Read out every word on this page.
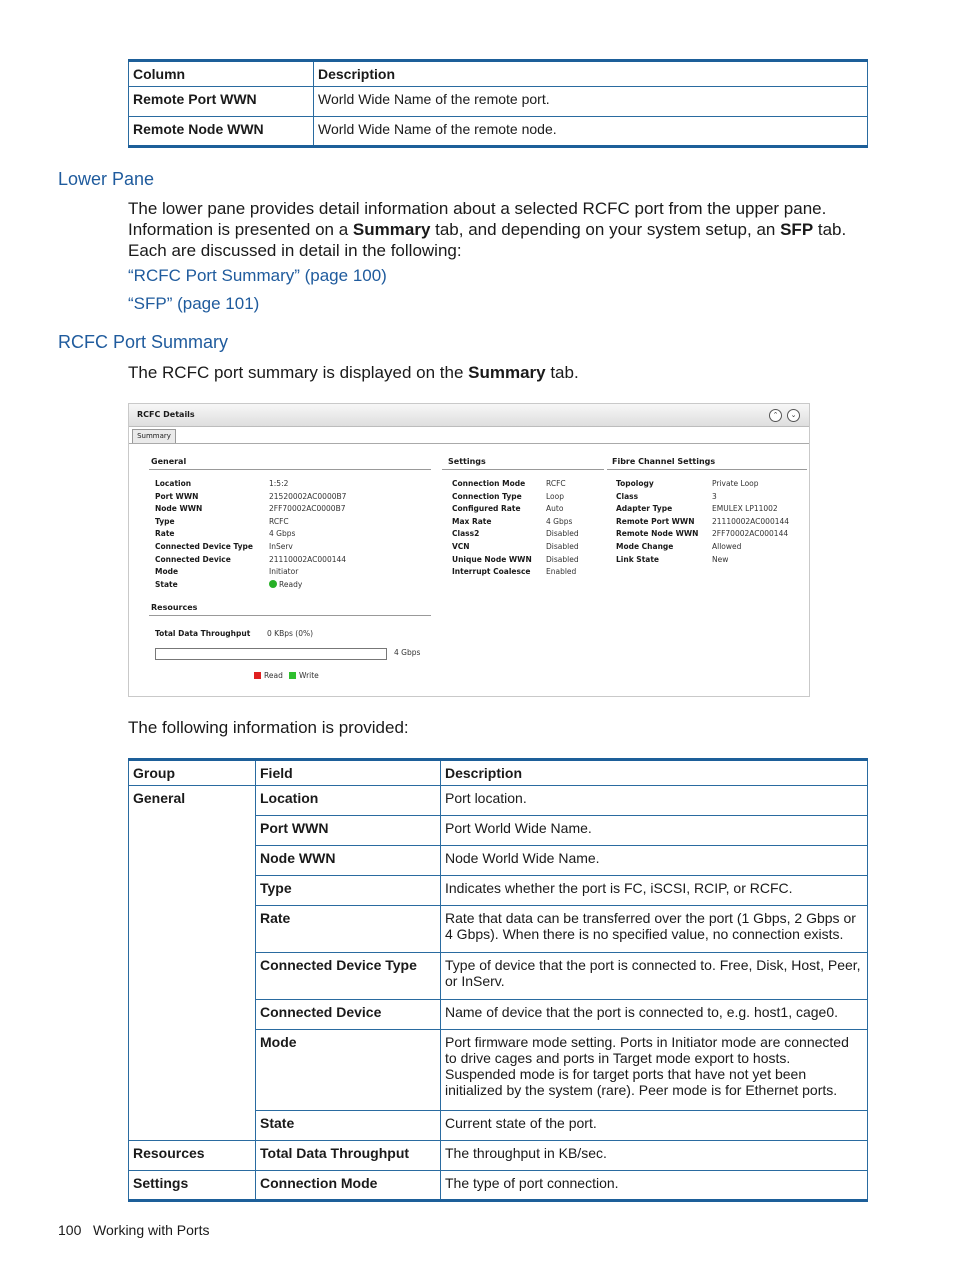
Column	Description
Remote Port WWN	World Wide Name of the remote port.
Remote Node WWN	World Wide Name of the remote node.
Lower Pane

The lower pane provides detail information about a selected RCFC port from the upper pane.
Information is presented on a Summary tab, and depending on your system setup, an SFP tab.
Each are discussed in detail in the following:

“RCFC Port Summary” (page 100)
“SFP” (page 101)
RCFC Port Summary

The RCFC port summary is displayed on the Summary tab.

RCFC Details	⌃	⌄
Summary
General	Settings	Fibre Channel Settings
Location	1:5:2
Port WWN	21520002AC0000B7
Node WWN	2FF70002AC0000B7
Type	RCFC
Rate	4 Gbps
Connected Device Type InServ
Connected Device	21110002AC000144
Mode	Initiator
State	Ready
Connection Mode	RCFC
Connection Type	Loop
Configured Rate	Auto
Max Rate	4 Gbps
Class2	Disabled
VCN	Disabled
Unique Node WWN Disabled
Interrupt Coalesce Enabled
Topology	Private Loop
Class	3
Adapter Type	EMULEX LP11002
Remote Port WWN 21110002AC000144
Remote Node WWN 2FF70002AC000144
Mode Change	Allowed
Link State	New
Resources
Total Data Throughput 0 KBps (0%)
4 Gbps
Read Write

The following information is provided:

Group	Field	Description
General	Location	Port location.
	Port WWN	Port World Wide Name.
	Node WWN	Node World Wide Name.
	Type	Indicates whether the port is FC, iSCSI, RCIP, or RCFC.
	Rate	Rate that data can be transferred over the port (1 Gbps, 2 Gbps or 4 Gbps). When there is no specified value, no connection exists.
	Connected Device Type	Type of device that the port is connected to. Free, Disk, Host, Peer, or InServ.
	Connected Device	Name of device that the port is connected to, e.g. host1, cage0.
	Mode	Port firmware mode setting. Ports in Initiator mode are connected to drive cages and ports in Target mode export to hosts. Suspended mode is for target ports that have not yet been initialized by the system (rare). Peer mode is for Ethernet ports.
	State	Current state of the port.
Resources	Total Data Throughput	The throughput in KB/sec.
Settings	Connection Mode	The type of port connection.
100 Working with Ports
